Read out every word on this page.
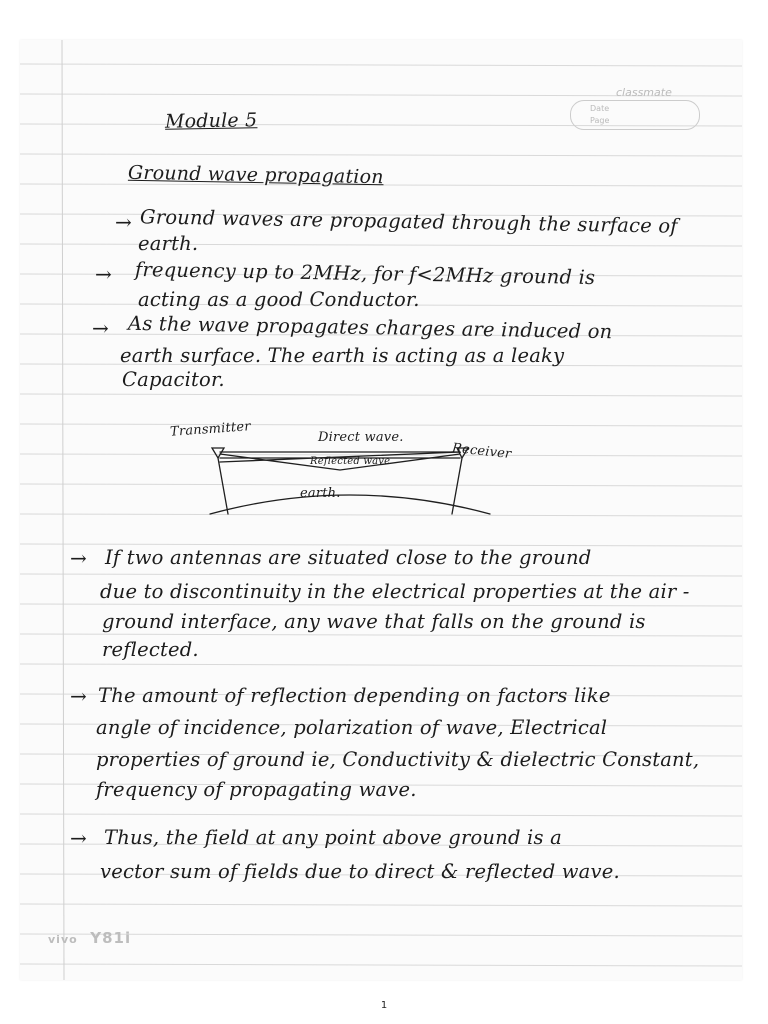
classmate
Date
Page
Module 5
Ground wave propagation
→ Ground waves are propagated through the surface of
earth.
→ frequency up to 2MHz, for f<2MHz ground is
acting as a good Conductor.
→ As the wave propagates charges are induced on
earth surface. The earth is acting as a leaky
Capacitor.
Transmitter	Direct wave.
Receiver
Reflected wave
earth.
→ If two antennas are situated close to the ground
due to discontinuity in the electrical properties at the air -
ground interface, any wave that falls on the ground is
reflected.
→ The amount of reflection depending on factors like
angle of incidence, polarization of wave, Electrical
properties of ground ie, Conductivity & dielectric Constant,
frequency of propagating wave.
→ Thus, the field at any point above ground is a
vector sum of fields due to direct & reflected wave.
vivo Y81i
1
